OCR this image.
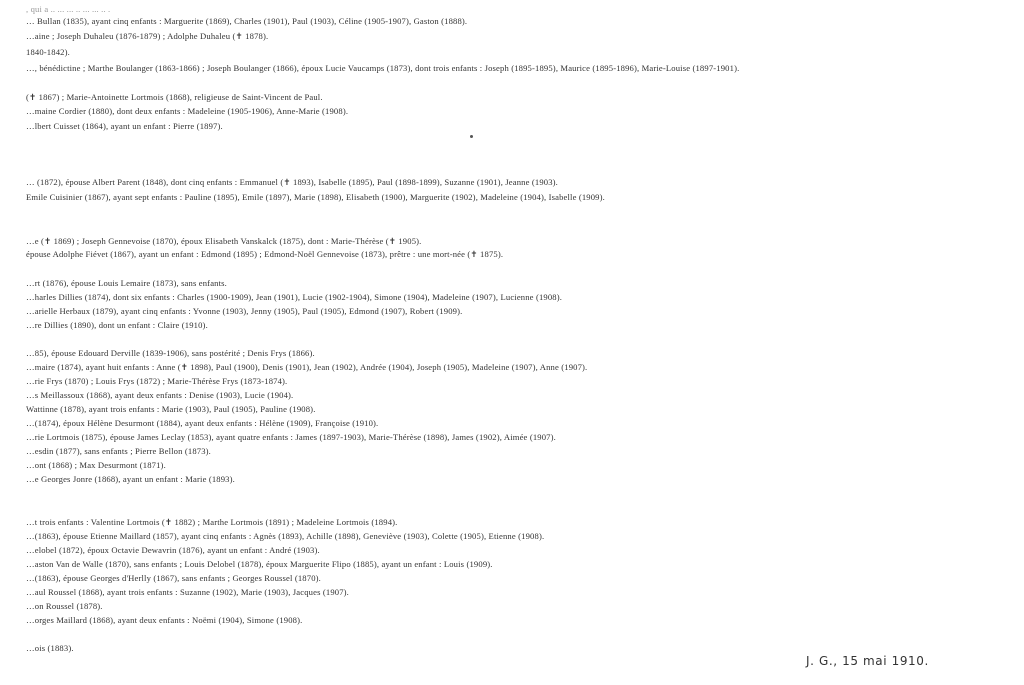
, qui a .. ... ... .. ... ... .. .
… Bullan (1835), ayant cinq enfants : Marguerite (1869), Charles (1901), Paul (1903), Céline (1905-1907), Gaston (1888).
…aine ; Joseph Duhaleu (1876-1879) ; Adolphe Duhaleu (✝ 1878).
1840-1842).
…, bénédictine ; Marthe Boulanger (1863-1866) ; Joseph Boulanger (1866), époux Lucie Vaucamps (1873), dont trois enfants : Joseph (1895-1895), Maurice (1895-1896), Marie-Louise (1897-1901).
(✝ 1867) ; Marie-Antoinette Lortmois (1868), religieuse de Saint-Vincent de Paul.
…maine Cordier (1880), dont deux enfants : Madeleine (1905-1906), Anne-Marie (1908).
…lbert Cuisset (1864), ayant un enfant : Pierre (1897).
… (1872), épouse Albert Parent (1848), dont cinq enfants : Emmanuel (✝ 1893), Isabelle (1895), Paul (1898-1899), Suzanne (1901), Jeanne (1903).
Emile Cuisinier (1867), ayant sept enfants : Pauline (1895), Emile (1897), Marie (1898), Elisabeth (1900), Marguerite (1902), Madeleine (1904), Isabelle (1909).
…e (✝ 1869) ; Joseph Gennevoise (1870), époux Elisabeth Vanskalck (1875), dont : Marie-Thérèse (✝ 1905).
épouse Adolphe Fiévet (1867), ayant un enfant : Edmond (1895) ; Edmond-Noël Gennevoise (1873), prêtre : une mort-née (✝ 1875).
…rt (1876), épouse Louis Lemaire (1873), sans enfants.
…harles Dillies (1874), dont six enfants : Charles (1900-1909), Jean (1901), Lucie (1902-1904), Simone (1904), Madeleine (1907), Lucienne (1908).
…arielle Herbaux (1879), ayant cinq enfants : Yvonne (1903), Jenny (1905), Paul (1905), Edmond (1907), Robert (1909).
…re Dillies (1890), dont un enfant : Claire (1910).
…85), épouse Edouard Derville (1839-1906), sans postérité ; Denis Frys (1866).
…maire (1874), ayant huit enfants : Anne (✝ 1898), Paul (1900), Denis (1901), Jean (1902), Andrée (1904), Joseph (1905), Madeleine (1907), Anne (1907).
…rie Frys (1870) ; Louis Frys (1872) ; Marie-Thérèse Frys (1873-1874).
…s Meillassoux (1868), ayant deux enfants : Denise (1903), Lucie (1904).
Wattinne (1878), ayant trois enfants : Marie (1903), Paul (1905), Pauline (1908).
…(1874), époux Hélène Desurmont (1884), ayant deux enfants : Hélène (1909), Françoise (1910).
…rie Lortmois (1875), épouse James Leclay (1853), ayant quatre enfants : James (1897-1903), Marie-Thérèse (1898), James (1902), Aimée (1907).
…esdin (1877), sans enfants ; Pierre Bellon (1873).
…ont (1868) ; Max Desurmont (1871).
…e Georges Jonre (1868), ayant un enfant : Marie (1893).
…t trois enfants : Valentine Lortmois (✝ 1882) ; Marthe Lortmois (1891) ; Madeleine Lortmois (1894).
…(1863), épouse Etienne Maillard (1857), ayant cinq enfants : Agnès (1893), Achille (1898), Geneviève (1903), Colette (1905), Etienne (1908).
…elobel (1872), époux Octavie Dewavrin (1876), ayant un enfant : André (1903).
…aston Van de Walle (1870), sans enfants ; Louis Delobel (1878), époux Marguerite Flipo (1885), ayant un enfant : Louis (1909).
…(1863), épouse Georges d'Herlly (1867), sans enfants ; Georges Roussel (1870).
…aul Roussel (1868), ayant trois enfants : Suzanne (1902), Marie (1903), Jacques (1907).
…on Roussel (1878).
…orges Maillard (1868), ayant deux enfants : Noëmi (1904), Simone (1908).
…ois (1883).
J. G., 15 mai 1910.
